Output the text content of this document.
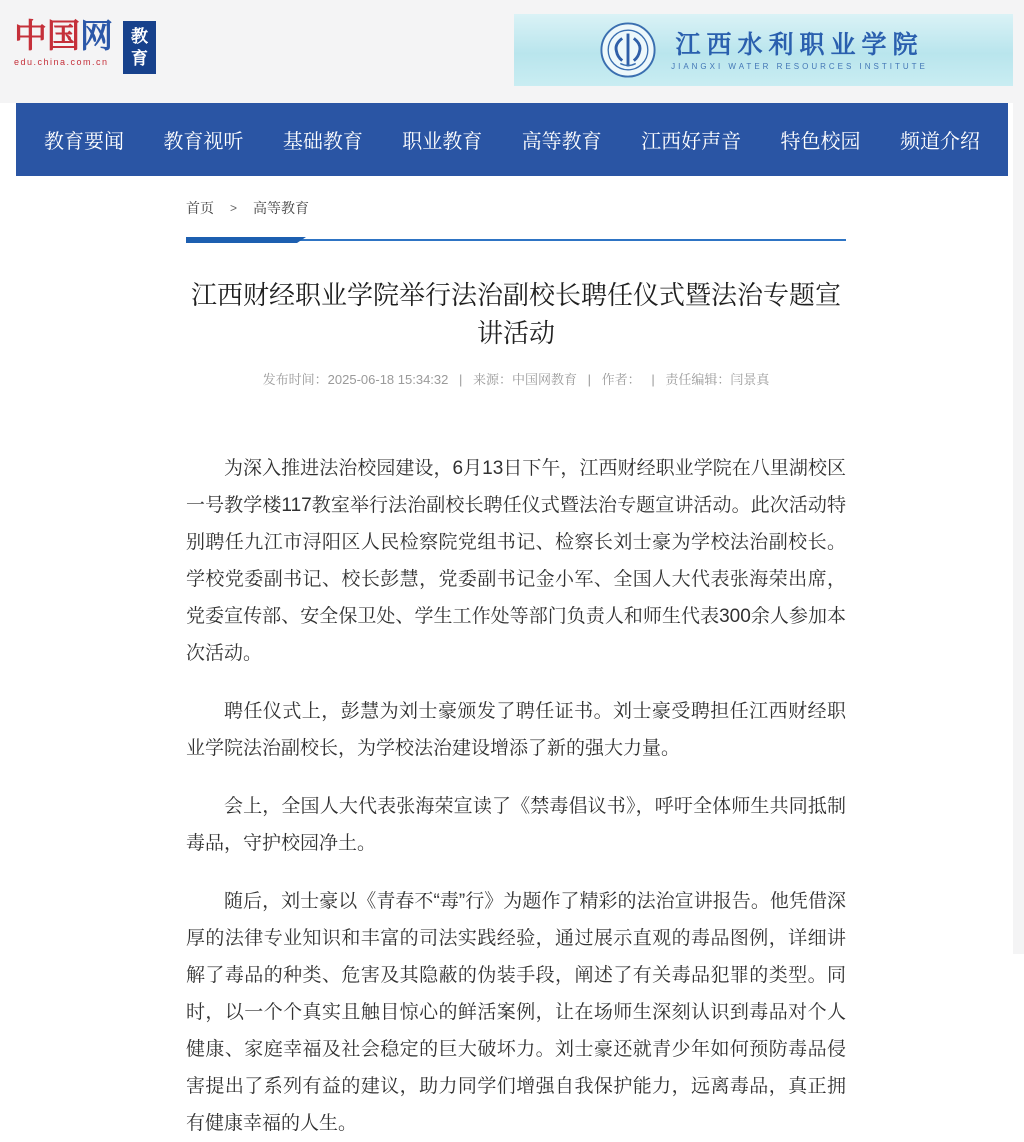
中国网
edu.china.com.cn
教
育	江西水利职业学院
JIANGXI WATER RESOURCES INSTITUTE
教育要闻 教育视听 基础教育 职业教育 高等教育 江西好声音 特色校园 频道介绍
首页 > 高等教育
江西财经职业学院举行法治副校长聘任仪式暨法治专题宣讲活动
发布时间：2025-06-18 15:34:32 | 来源：中国网教育 | 作者： | 责任编辑：闫景真

为深入推进法治校园建设，6月13日下午，江西财经职业学院在八里湖校区一号教学楼117教室举行法治副校长聘任仪式暨法治专题宣讲活动。此次活动特别聘任九江市浔阳区人民检察院党组书记、检察长刘士豪为学校法治副校长。学校党委副书记、校长彭慧，党委副书记金小军、全国人大代表张海荣出席，党委宣传部、安全保卫处、学生工作处等部门负责人和师生代表300余人参加本次活动。

聘任仪式上，彭慧为刘士豪颁发了聘任证书。刘士豪受聘担任江西财经职业学院法治副校长，为学校法治建设增添了新的强大力量。

会上，全国人大代表张海荣宣读了《禁毒倡议书》，呼吁全体师生共同抵制毒品，守护校园净土。

随后，刘士豪以《青春不“毒”行》为题作了精彩的法治宣讲报告。他凭借深厚的法律专业知识和丰富的司法实践经验，通过展示直观的毒品图例，详细讲解了毒品的种类、危害及其隐蔽的伪装手段，阐述了有关毒品犯罪的类型。同时，以一个个真实且触目惊心的鲜活案例，让在场师生深刻认识到毒品对个人健康、家庭幸福及社会稳定的巨大破坏力。刘士豪还就青少年如何预防毒品侵害提出了系列有益的建议，助力同学们增强自我保护能力，远离毒品，真正拥有健康幸福的人生。
